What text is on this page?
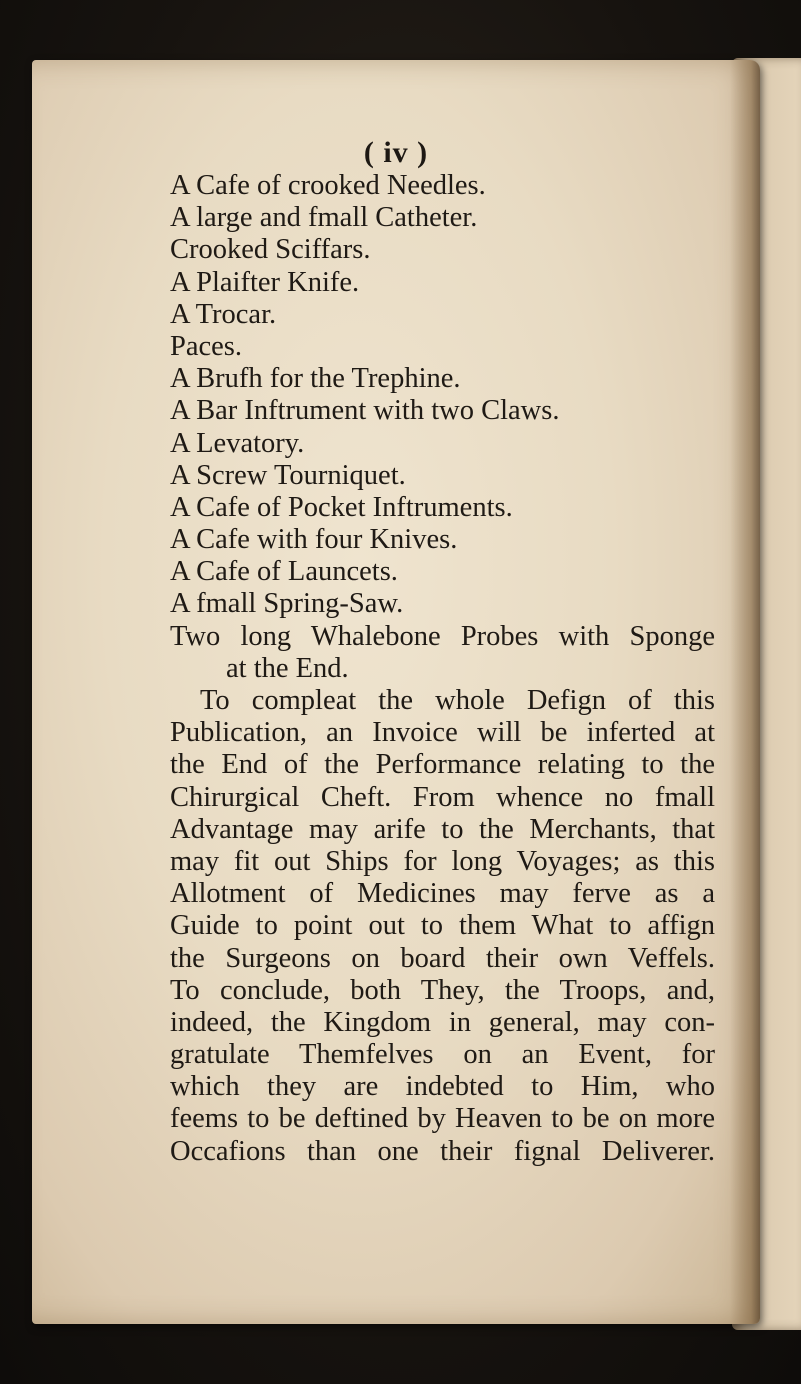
( iv )
A Cafe of crooked Needles.
A large and fmall Catheter.
Crooked Sciffars.
A Plaifter Knife.
A Trocar.
Paces.
A Brufh for the Trephine.
A Bar Inftrument with two Claws.
A Levatory.
A Screw Tourniquet.
A Cafe of Pocket Inftruments.
A Cafe with four Knives.
A Cafe of Launcets.
A fmall Spring-Saw.
Two long Whalebone Probes with Sponge
at the End.
To compleat the whole Defign of this
Publication, an Invoice will be inferted at
the End of the Performance relating to the
Chirurgical Cheft. From whence no fmall
Advantage may arife to the Merchants, that
may fit out Ships for long Voyages; as this
Allotment of Medicines may ferve as a
Guide to point out to them What to affign
the Surgeons on board their own Veffels.
To conclude, both They, the Troops, and,
indeed, the Kingdom in general, may con-
gratulate Themfelves on an Event, for
which they are indebted to Him, who
feems to be deftined by Heaven to be on more
Occafions than one their fignal Deliverer.
